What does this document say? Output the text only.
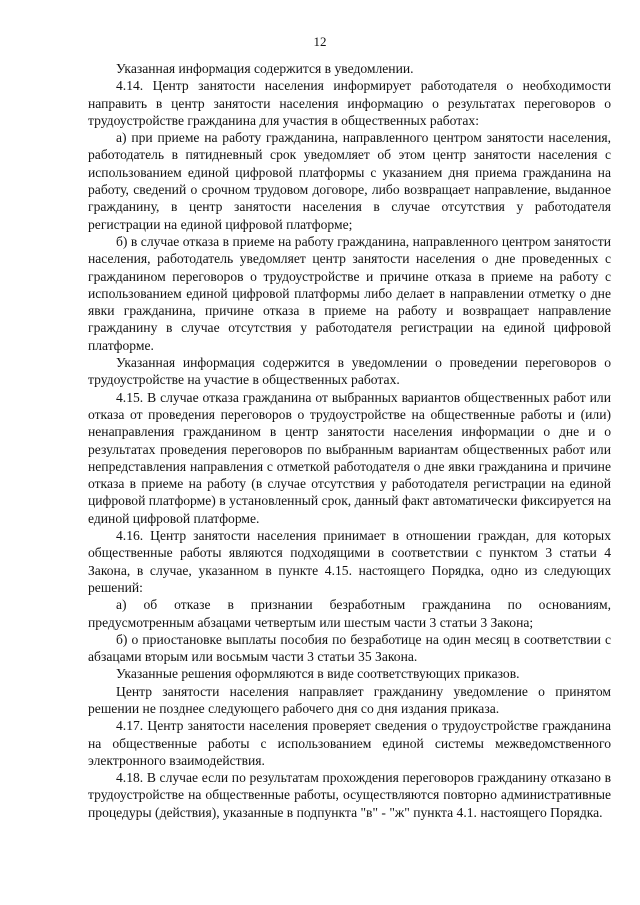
12

Указанная информация содержится в уведомлении.

4.14. Центр занятости населения информирует работодателя о необходимости направить в центр занятости населения информацию о результатах переговоров о трудоустройстве гражданина для участия в общественных работах:

а) при приеме на работу гражданина, направленного центром занятости населения, работодатель в пятидневный срок уведомляет об этом центр занятости населения с использованием единой цифровой платформы с указанием дня приема гражданина на работу, сведений о срочном трудовом договоре, либо возвращает направление, выданное гражданину, в центр занятости населения в случае отсутствия у работодателя регистрации на единой цифровой платформе;

б) в случае отказа в приеме на работу гражданина, направленного центром занятости населения, работодатель уведомляет центр занятости населения о дне проведенных с гражданином переговоров о трудоустройстве и причине отказа в приеме на работу с использованием единой цифровой платформы либо делает в направлении отметку о дне явки гражданина, причине отказа в приеме на работу и возвращает направление гражданину в случае отсутствия у работодателя регистрации на единой цифровой платформе.

Указанная информация содержится в уведомлении о проведении переговоров о трудоустройстве на участие в общественных работах.

4.15. В случае отказа гражданина от выбранных вариантов общественных работ или отказа от проведения переговоров о трудоустройстве на общественные работы и (или) ненаправления гражданином в центр занятости населения информации о дне и о результатах проведения переговоров по выбранным вариантам общественных работ или непредставления направления с отметкой работодателя о дне явки гражданина и причине отказа в приеме на работу (в случае отсутствия у работодателя регистрации на единой цифровой платформе) в установленный срок, данный факт автоматически фиксируется на единой цифровой платформе.

4.16. Центр занятости населения принимает в отношении граждан, для которых общественные работы являются подходящими в соответствии с пунктом 3 статьи 4 Закона, в случае, указанном в пункте 4.15. настоящего Порядка, одно из следующих решений:

а) об отказе в признании безработным гражданина по основаниям, предусмотренным абзацами четвертым или шестым части 3 статьи 3 Закона;

б) о приостановке выплаты пособия по безработице на один месяц в соответствии с абзацами вторым или восьмым части 3 статьи 35 Закона.

Указанные решения оформляются в виде соответствующих приказов.

Центр занятости населения направляет гражданину уведомление о принятом решении не позднее следующего рабочего дня со дня издания приказа.

4.17. Центр занятости населения проверяет сведения о трудоустройстве гражданина на общественные работы с использованием единой системы межведомственного электронного взаимодействия.

4.18. В случае если по результатам прохождения переговоров гражданину отказано в трудоустройстве на общественные работы, осуществляются повторно административные процедуры (действия), указанные в подпункта "в" - "ж" пункта 4.1. настоящего Порядка.
